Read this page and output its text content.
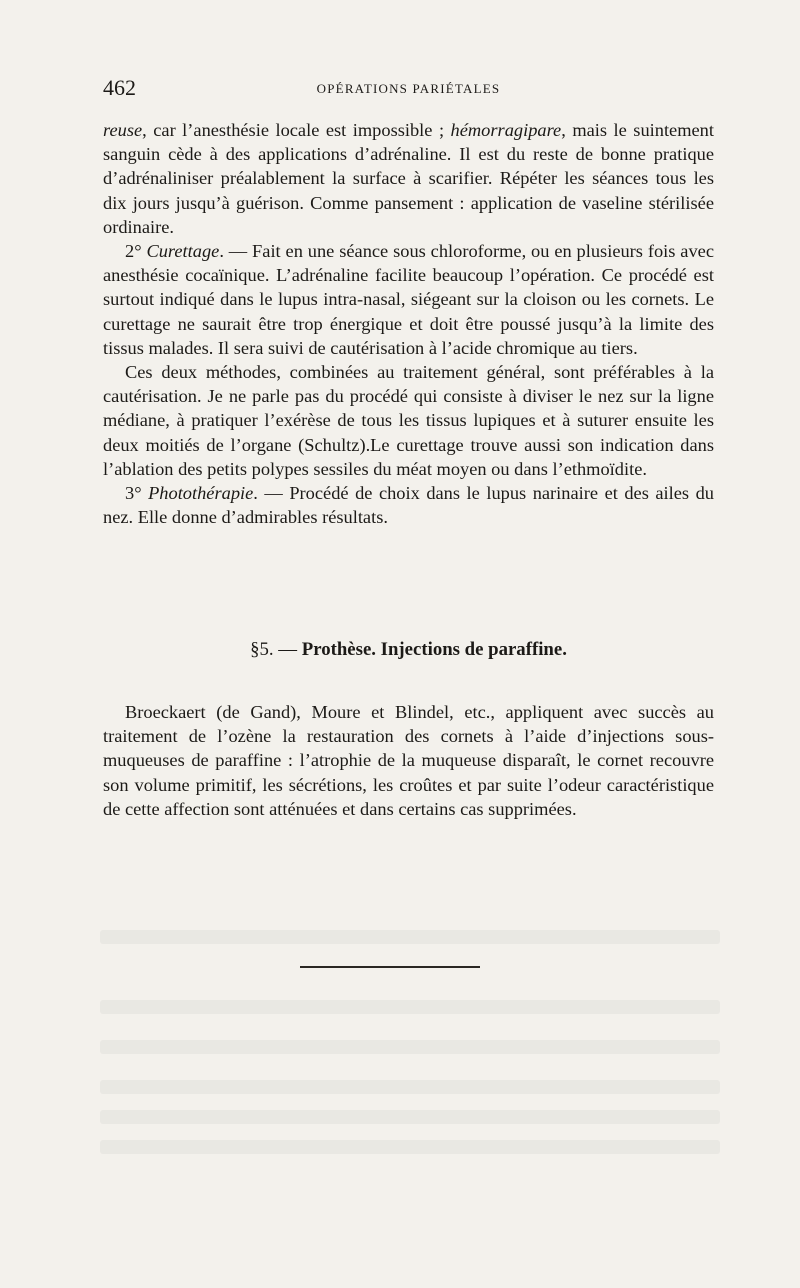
462	OPÉRATIONS PARIÉTALES

reuse, car l’anesthésie locale est impossible ; hémorragipare, mais le suintement sanguin cède à des applications d’adrénaline. Il est du reste de bonne pratique d’adrénaliniser préalablement la surface à scarifier. Répéter les séances tous les dix jours jusqu’à guérison. Comme pansement : application de vaseline stérilisée ordinaire.

2° Curettage. — Fait en une séance sous chloroforme, ou en plusieurs fois avec anesthésie cocaïnique. L’adrénaline facilite beaucoup l’opération. Ce procédé est surtout indiqué dans le lupus intra-nasal, siégeant sur la cloison ou les cornets. Le curettage ne saurait être trop énergique et doit être poussé jusqu’à la limite des tissus malades. Il sera suivi de cautérisation à l’acide chromique au tiers.

Ces deux méthodes, combinées au traitement général, sont préférables à la cautérisation. Je ne parle pas du procédé qui consiste à diviser le nez sur la ligne médiane, à pratiquer l’exérèse de tous les tissus lupiques et à suturer ensuite les deux moitiés de l’organe (Schultz).Le curettage trouve aussi son indication dans l’ablation des petits polypes sessiles du méat moyen ou dans l’ethmoïdite.

3° Photothérapie. — Procédé de choix dans le lupus narinaire et des ailes du nez. Elle donne d’admirables résultats.

§5. — Prothèse. Injections de paraffine.

Broeckaert (de Gand), Moure et Blindel, etc., appliquent avec succès au traitement de l’ozène la restauration des cornets à l’aide d’injections sous-muqueuses de paraffine : l’atrophie de la muqueuse disparaît, le cornet recouvre son volume primitif, les sécrétions, les croûtes et par suite l’odeur caractéristique de cette affection sont atténuées et dans certains cas supprimées.
